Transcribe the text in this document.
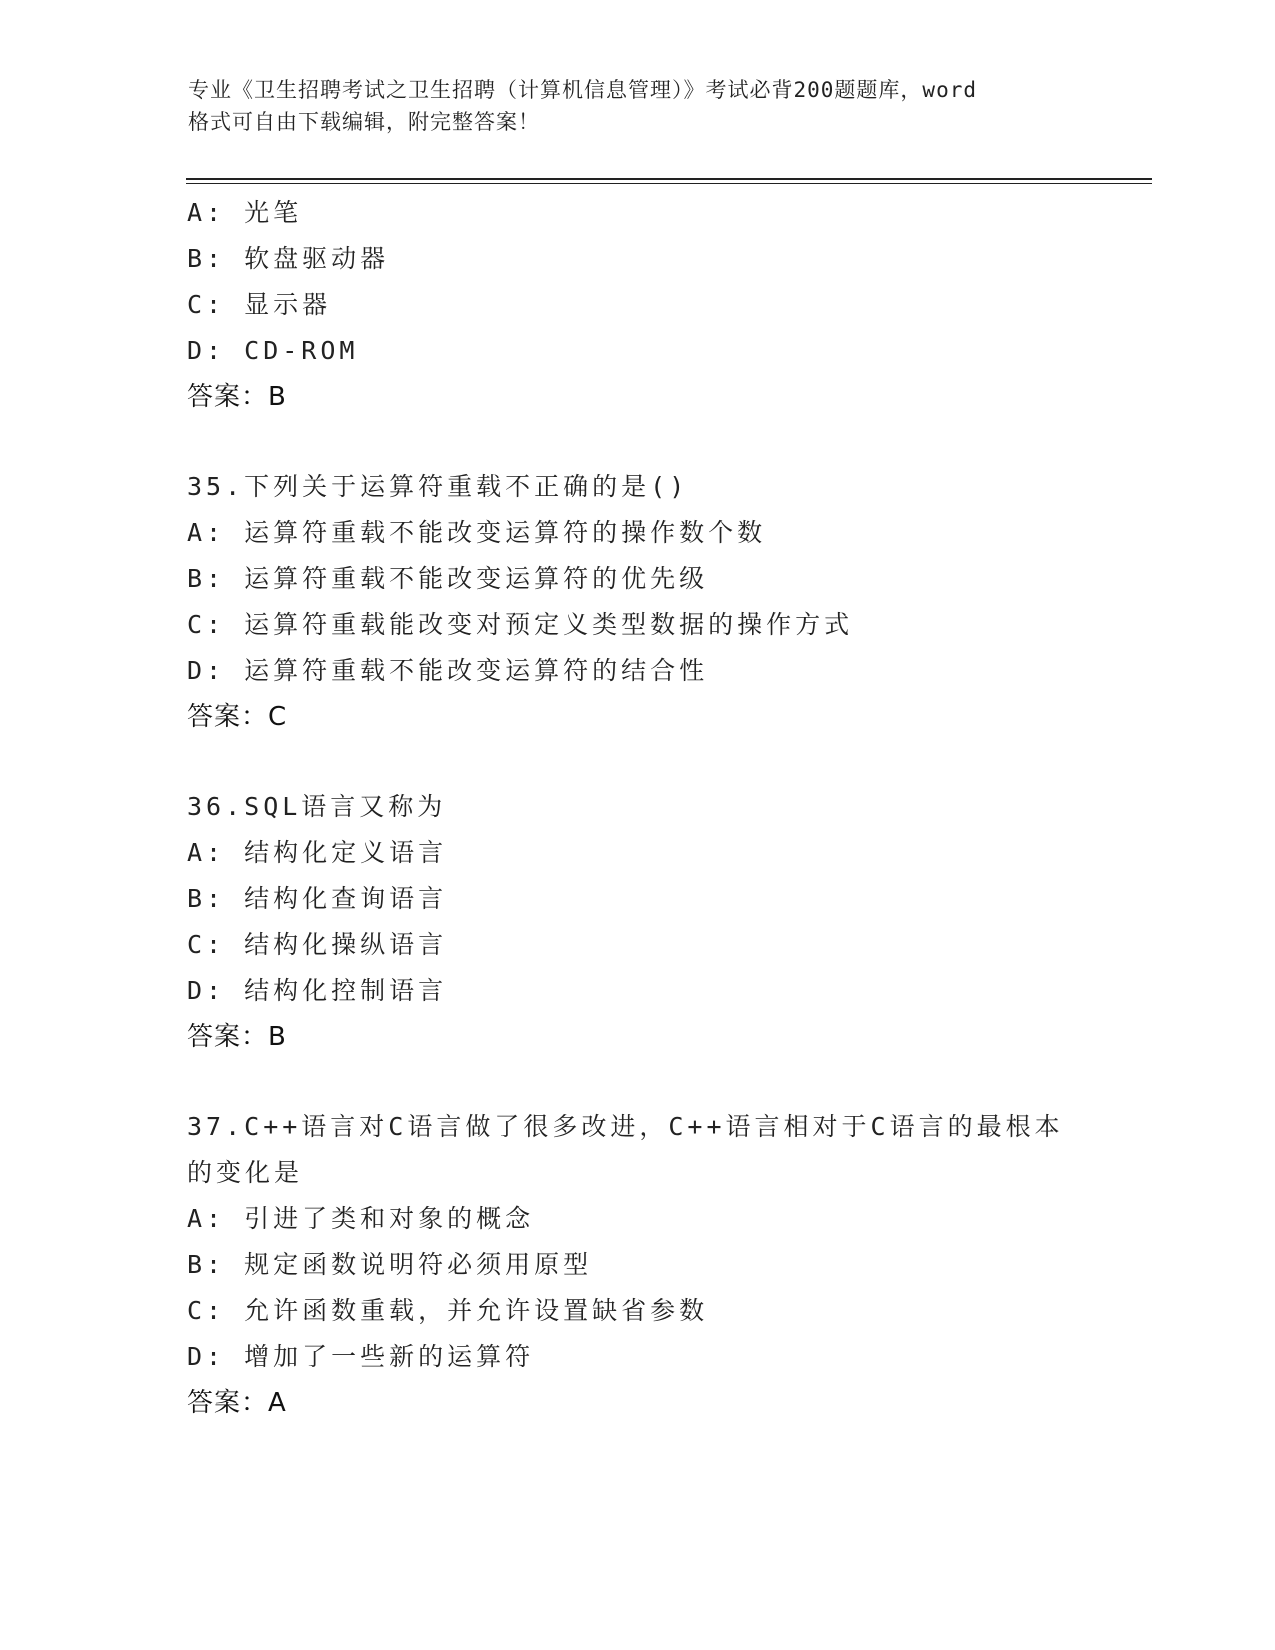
专业《卫生招聘考试之卫生招聘（计算机信息管理）》考试必背200题题库，word
格式可自由下载编辑，附完整答案！
A: 光笔
B: 软盘驱动器
C: 显示器
D: CD-ROM
答案：B
35.下列关于运算符重载不正确的是()
A: 运算符重载不能改变运算符的操作数个数
B: 运算符重载不能改变运算符的优先级
C: 运算符重载能改变对预定义类型数据的操作方式
D: 运算符重载不能改变运算符的结合性
答案：C
36.SQL语言又称为
A: 结构化定义语言
B: 结构化查询语言
C: 结构化操纵语言
D: 结构化控制语言
答案：B
37.C++语言对C语言做了很多改进，C++语言相对于C语言的最根本的变化是
A: 引进了类和对象的概念
B: 规定函数说明符必须用原型
C: 允许函数重载，并允许设置缺省参数
D: 增加了一些新的运算符
答案：A
